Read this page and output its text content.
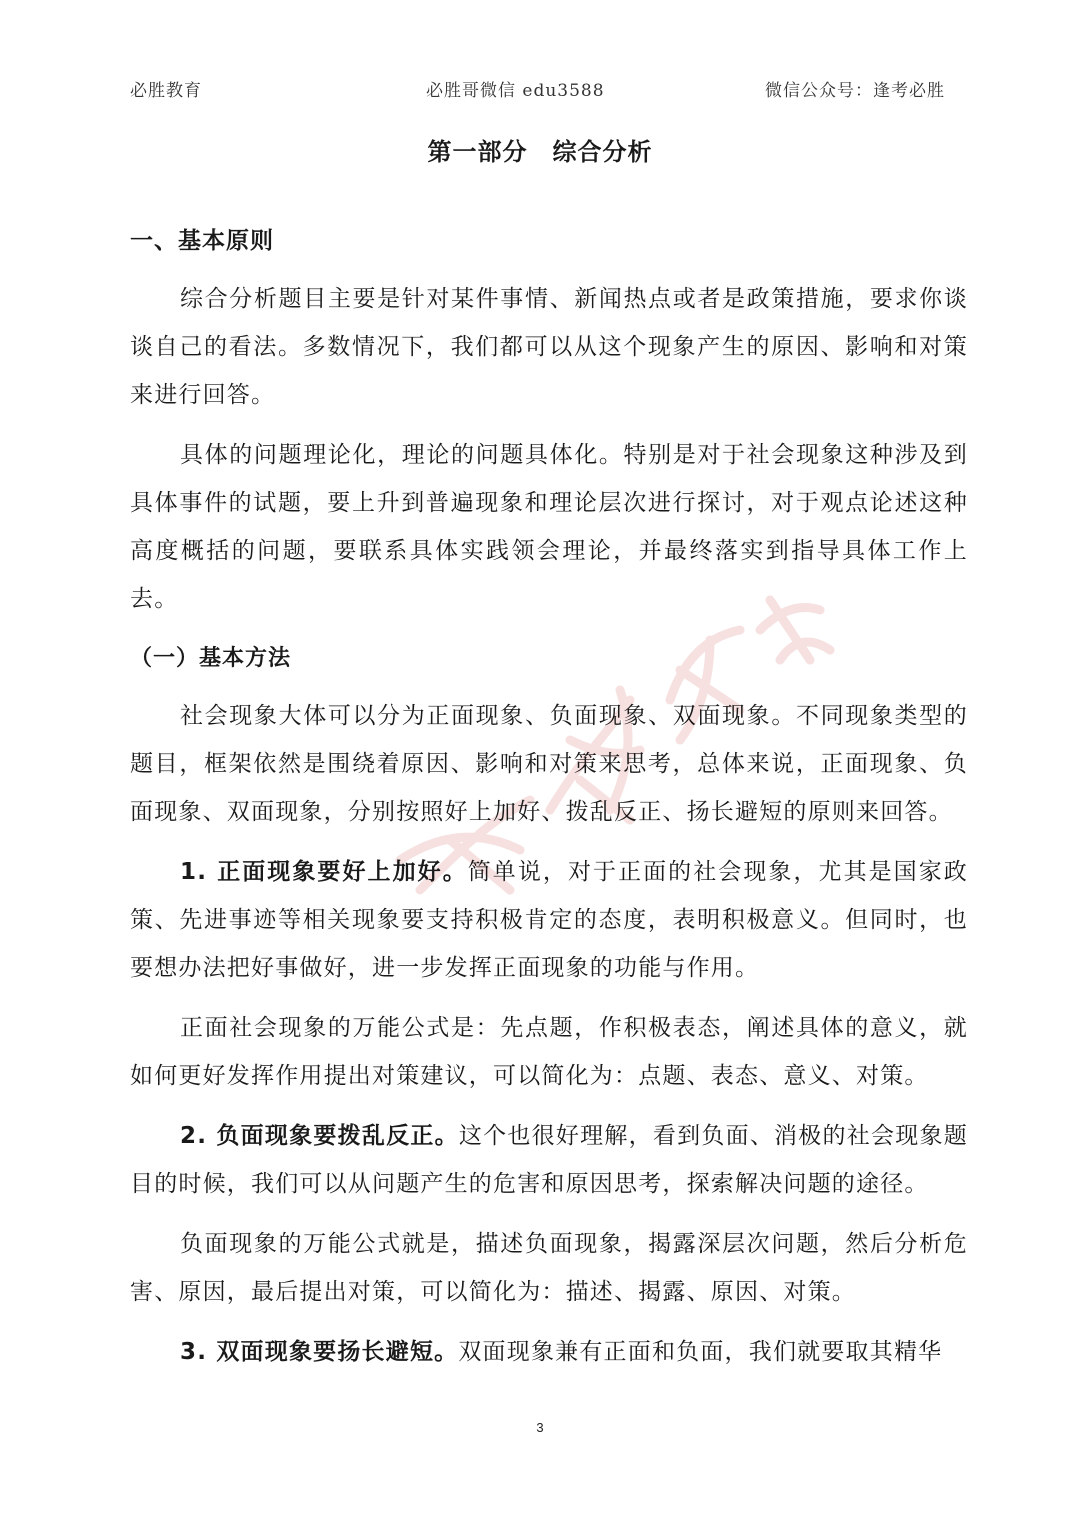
必胜教育	必胜哥微信 edu3588	微信公众号：逢考必胜
第一部分　综合分析
一、基本原则

综合分析题目主要是针对某件事情、新闻热点或者是政策措施，要求你谈谈自己的看法。多数情况下，我们都可以从这个现象产生的原因、影响和对策来进行回答。

具体的问题理论化，理论的问题具体化。特别是对于社会现象这种涉及到具体事件的试题，要上升到普遍现象和理论层次进行探讨，对于观点论述这种高度概括的问题，要联系具体实践领会理论，并最终落实到指导具体工作上去。

（一）基本方法

社会现象大体可以分为正面现象、负面现象、双面现象。不同现象类型的题目，框架依然是围绕着原因、影响和对策来思考，总体来说，正面现象、负面现象、双面现象，分别按照好上加好、拨乱反正、扬长避短的原则来回答。

1. 正面现象要好上加好。简单说，对于正面的社会现象，尤其是国家政策、先进事迹等相关现象要支持积极肯定的态度，表明积极意义。但同时，也要想办法把好事做好，进一步发挥正面现象的功能与作用。

正面社会现象的万能公式是：先点题，作积极表态，阐述具体的意义，就如何更好发挥作用提出对策建议，可以简化为：点题、表态、意义、对策。

2. 负面现象要拨乱反正。这个也很好理解，看到负面、消极的社会现象题目的时候，我们可以从问题产生的危害和原因思考，探索解决问题的途径。

负面现象的万能公式就是，描述负面现象，揭露深层次问题，然后分析危害、原因，最后提出对策，可以简化为：描述、揭露、原因、对策。

3. 双面现象要扬长避短。双面现象兼有正面和负面，我们就要取其精华

3
